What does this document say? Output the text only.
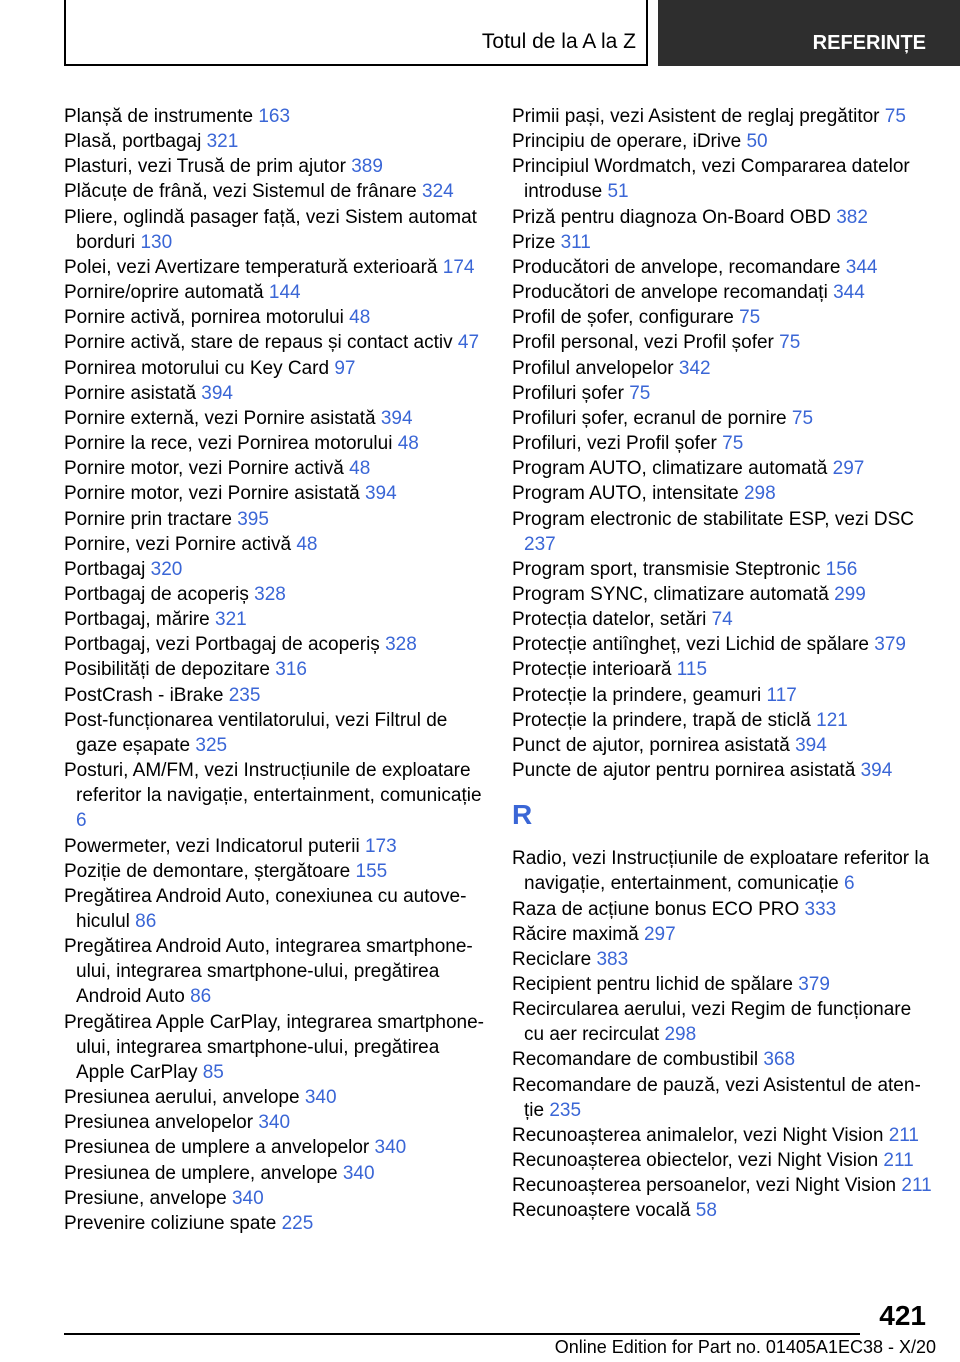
Totul de la A la Z	REFERINȚE
Planșă de instrumente 163
Plasă, portbagaj 321
Plasturi, vezi Trusă de prim ajutor 389
Plăcuțe de frână, vezi Sistemul de frânare 324
Pliere, oglindă pasager față, vezi Sistem automat borduri 130
Polei, vezi Avertizare temperatură exterioară 174
Pornire/oprire automată 144
Pornire activă, pornirea motorului 48
Pornire activă, stare de repaus și contact activ 47
Pornirea motorului cu Key Card 97
Pornire asistată 394
Pornire externă, vezi Pornire asistată 394
Pornire la rece, vezi Pornirea motorului 48
Pornire motor, vezi Pornire activă 48
Pornire motor, vezi Pornire asistată 394
Pornire prin tractare 395
Pornire, vezi Pornire activă 48
Portbagaj 320
Portbagaj de acoperiș 328
Portbagaj, mărire 321
Portbagaj, vezi Portbagaj de acoperiș 328
Posibilități de depozitare 316
PostCrash - iBrake 235
Post-funcționarea ventilatorului, vezi Filtrul de gaze eșapate 325
Posturi, AM/FM, vezi Instrucțiunile de exploatare referitor la navigație, entertainment, comunicație 6
Powermeter, vezi Indicatorul puterii 173
Poziție de demontare, ștergătoare 155
Pregătirea Android Auto, conexiunea cu autovehiculul 86
Pregătirea Android Auto, integrarea smartphone-ului, integrarea smartphone-ului, pregătirea Android Auto 86
Pregătirea Apple CarPlay, integrarea smartphone-ului, integrarea smartphone-ului, pregătirea Apple CarPlay 85
Presiunea aerului, anvelope 340
Presiunea anvelopelor 340
Presiunea de umplere a anvelopelor 340
Presiunea de umplere, anvelope 340
Presiune, anvelope 340
Prevenire coliziune spate 225
Primii pași, vezi Asistent de reglaj pregătitor 75
Principiu de operare, iDrive 50
Principiul Wordmatch, vezi Compararea datelor introduse 51
Priză pentru diagnoza On-Board OBD 382
Prize 311
Producători de anvelope, recomandare 344
Producători de anvelope recomandați 344
Profil de șofer, configurare 75
Profil personal, vezi Profil șofer 75
Profilul anvelopelor 342
Profiluri șofer 75
Profiluri șofer, ecranul de pornire 75
Profiluri, vezi Profil șofer 75
Program AUTO, climatizare automată 297
Program AUTO, intensitate 298
Program electronic de stabilitate ESP, vezi DSC 237
Program sport, transmisie Steptronic 156
Program SYNC, climatizare automată 299
Protecția datelor, setări 74
Protecție antiîngheț, vezi Lichid de spălare 379
Protecție interioară 115
Protecție la prindere, geamuri 117
Protecție la prindere, trapă de sticlă 121
Punct de ajutor, pornirea asistată 394
Puncte de ajutor pentru pornirea asistată 394
R
Radio, vezi Instrucțiunile de exploatare referitor la navigație, entertainment, comunicație 6
Raza de acțiune bonus ECO PRO 333
Răcire maximă 297
Reciclare 383
Recipient pentru lichid de spălare 379
Recircularea aerului, vezi Regim de funcționare cu aer recirculat 298
Recomandare de combustibil 368
Recomandare de pauză, vezi Asistentul de atenție 235
Recunoașterea animalelor, vezi Night Vision 211
Recunoașterea obiectelor, vezi Night Vision 211
Recunoașterea persoanelor, vezi Night Vision 211
Recunoaștere vocală 58
421
Online Edition for Part no. 01405A1EC38 - X/20
